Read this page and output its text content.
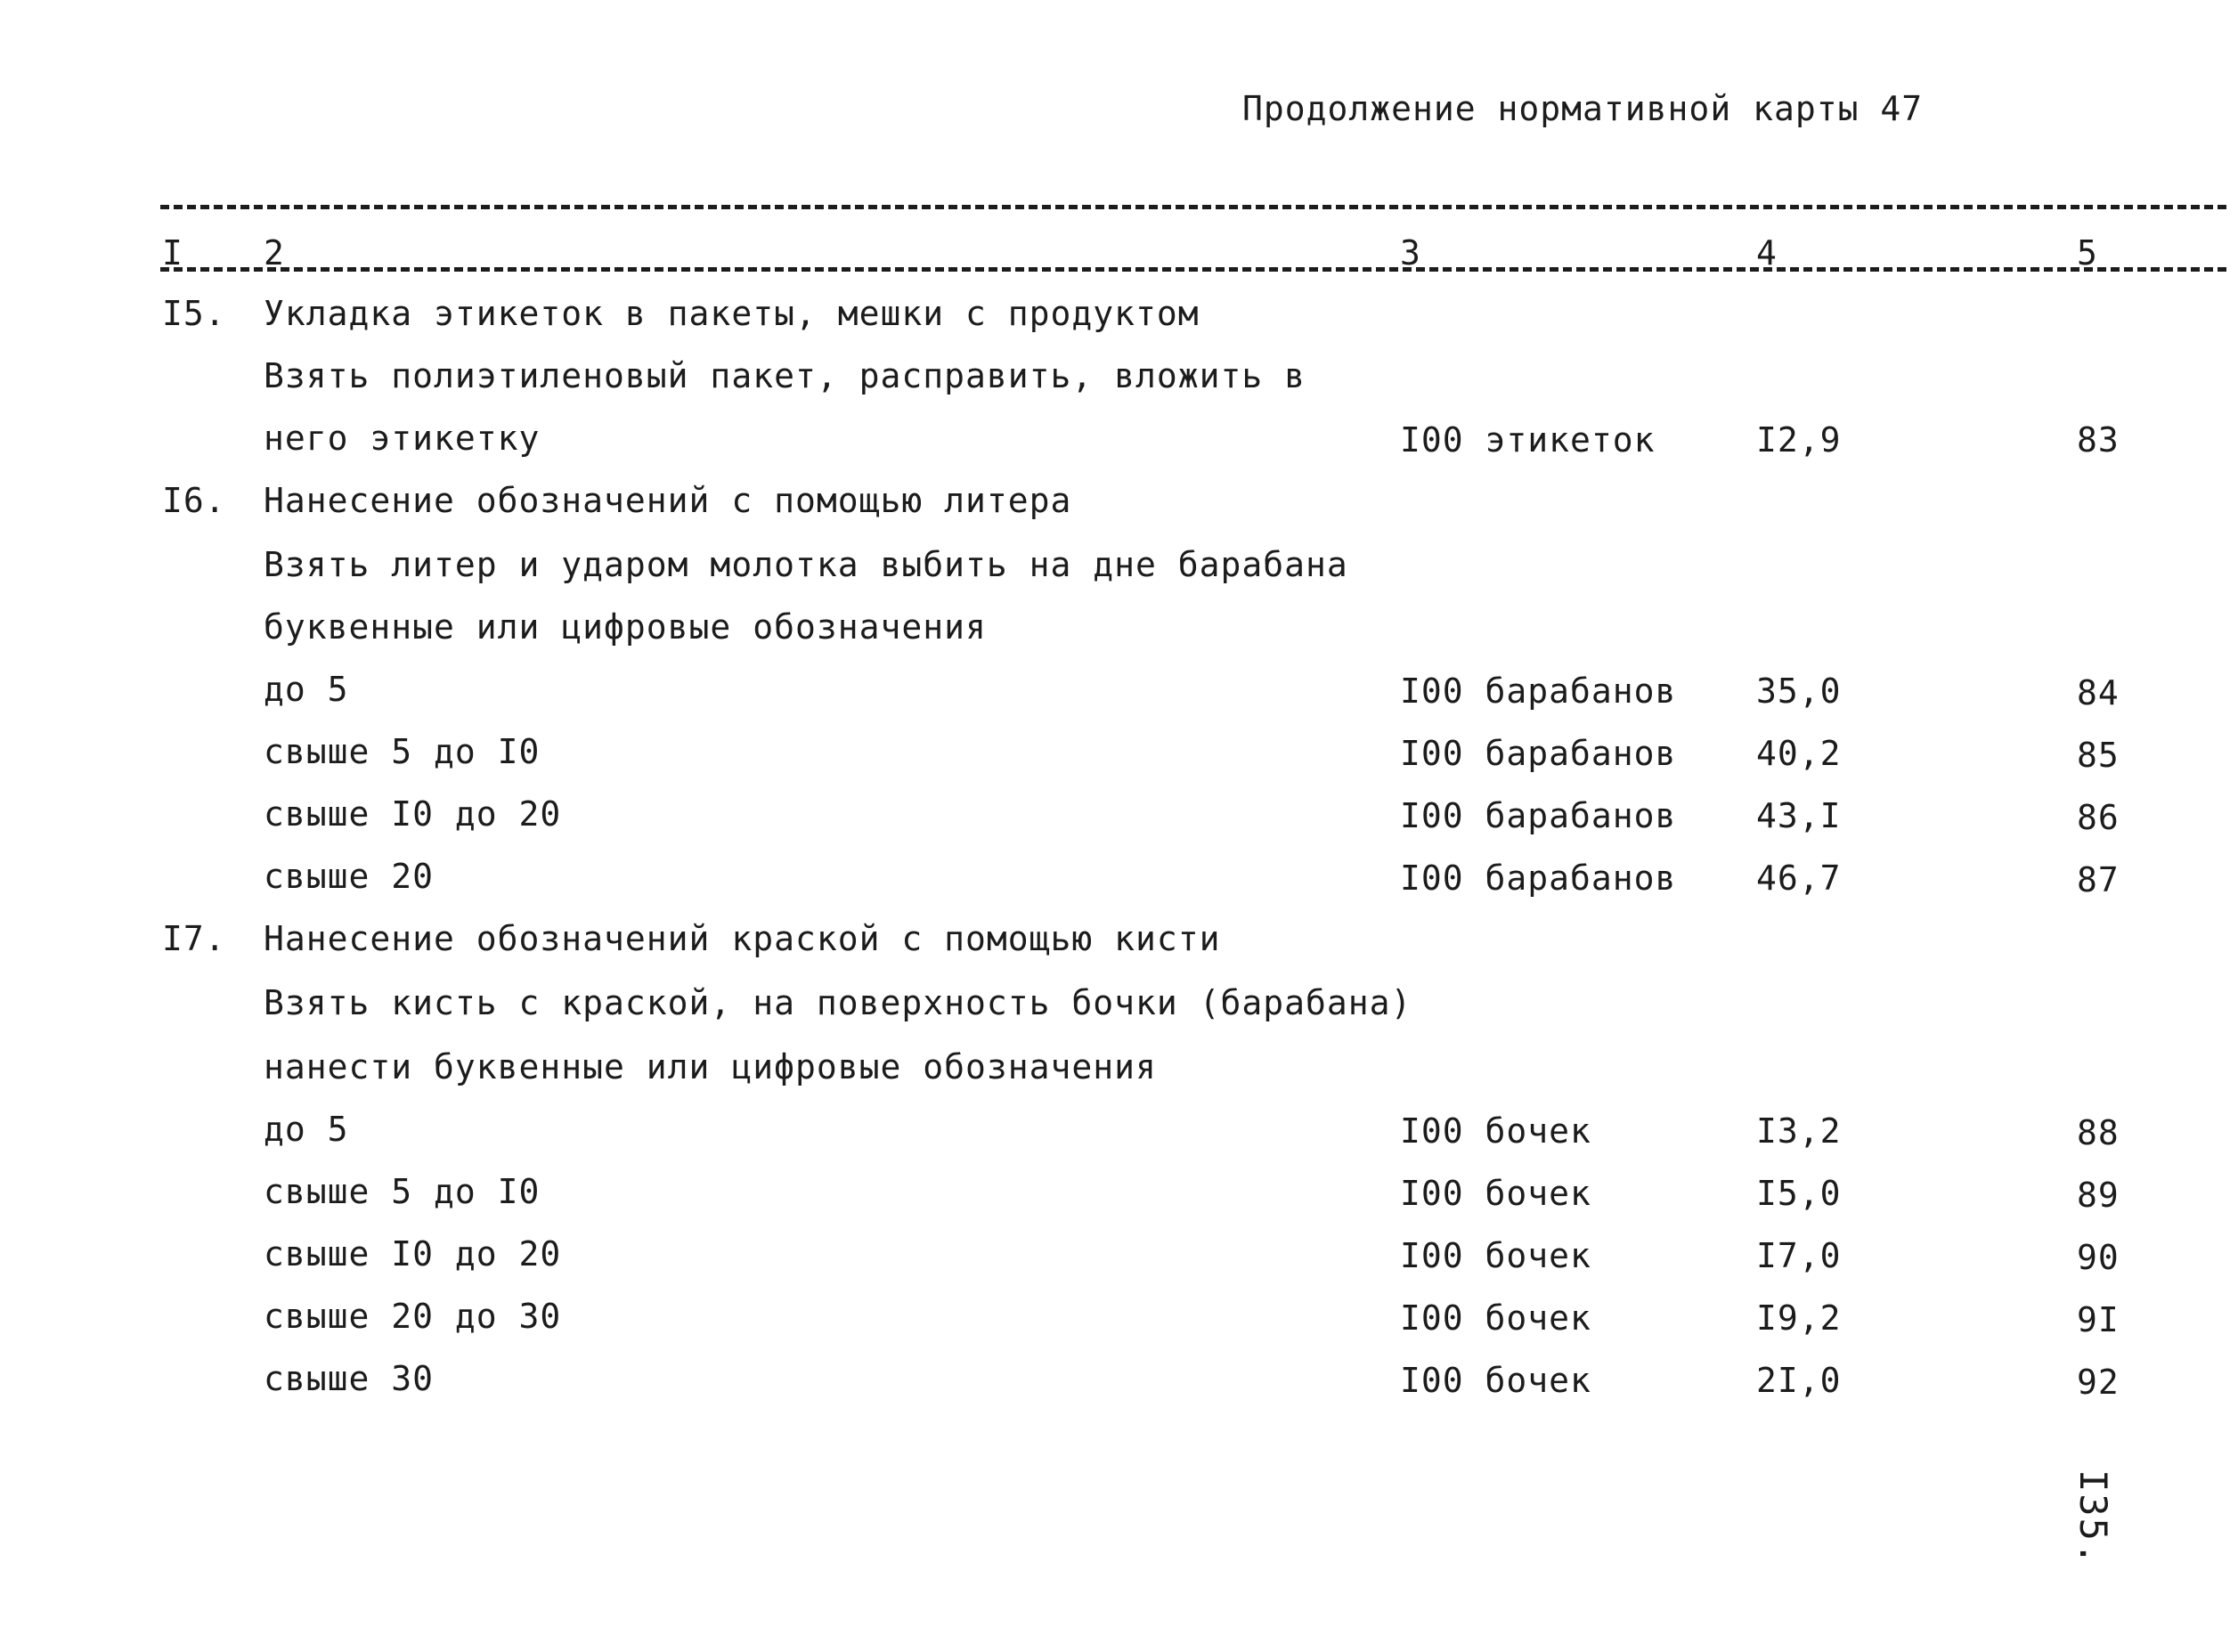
Продолжение нормативной карты 47
I 2	3	4	5
I5. Укладка этикеток в пакеты, мешки с продуктом
Взять полиэтиленовый пакет, расправить, вложить в
него этикетку	I00 этикеток	I2,9	83
I6. Нанесение обозначений с помощью литера
Взять литер и ударом молотка выбить на дне барабана
буквенные или цифровые обозначения
до 5	I00 барабанов 35,0	84
свыше 5 до I0	I00 барабанов 40,2	85
свыше I0 до 20	I00 барабанов 43,I	86
свыше 20	I00 барабанов 46,7	87
I7. Нанесение обозначений краской с помощью кисти
Взять кисть с краской, на поверхность бочки (барабана)
нанести буквенные или цифровые обозначения
до 5	I00 бочек	I3,2	88
свыше 5 до I0	I00 бочек	I5,0	89
свыше I0 до 20	I00 бочек	I7,0	90
свыше 20 до 30	I00 бочек	I9,2	9I
свыше 30	I00 бочек	2I,0	92
I35.
